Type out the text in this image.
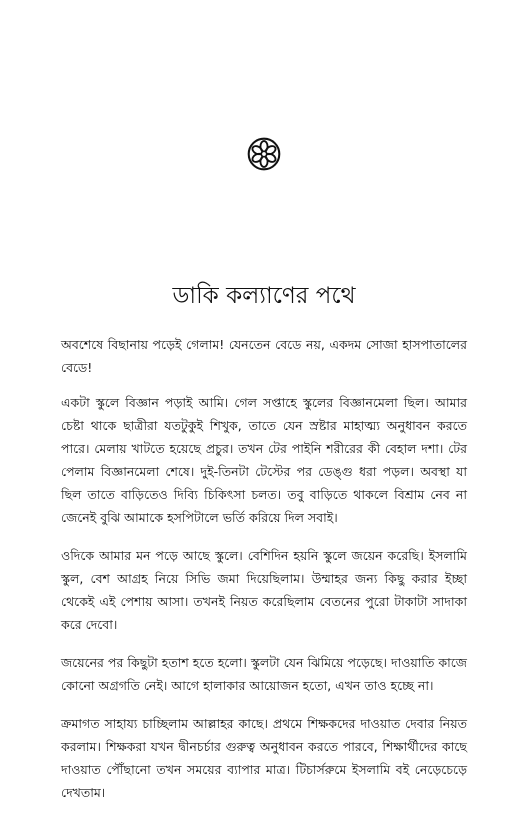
ডাকি কল্যাণের পথে

অবশেষে বিছানায় পড়েই গেলাম! যেনতেন বেডে নয়, একদম সোজা হাসপাতালের বেডে!

একটা স্কুলে বিজ্ঞান পড়াই আমি। গেল সপ্তাহে স্কুলের বিজ্ঞানমেলা ছিল। আমার চেষ্টা থাকে ছাত্রীরা যতটুকুই শিখুক, তাতে যেন স্রষ্টার মাহাত্ম্য অনুধাবন করতে পারে। মেলায় খাটতে হয়েছে প্রচুর। তখন টের পাইনি শরীরের কী বেহাল দশা। টের পেলাম বিজ্ঞানমেলা শেষে। দুই-তিনটা টেস্টের পর ডেঙ্গু ধরা পড়ল। অবস্থা যা ছিল তাতে বাড়িতেও দিব্যি চিকিৎসা চলত। তবু বাড়িতে থাকলে বিশ্রাম নেব না জেনেই বুঝি আমাকে হসপিটালে ভর্তি করিয়ে দিল সবাই।

ওদিকে আমার মন পড়ে আছে স্কুলে। বেশিদিন হয়নি স্কুলে জয়েন করেছি। ইসলামি স্কুল, বেশ আগ্রহ নিয়ে সিভি জমা দিয়েছিলাম। উম্মাহর জন্য কিছু করার ইচ্ছা থেকেই এই পেশায় আসা। তখনই নিয়ত করেছিলাম বেতনের পুরো টাকাটা সাদাকা করে দেবো।

জয়েনের পর কিছুটা হতাশ হতে হলো। স্কুলটা যেন ঝিমিয়ে পড়েছে। দাওয়াতি কাজে কোনো অগ্রগতি নেই। আগে হালাকার আয়োজন হতো, এখন তাও হচ্ছে না।

ক্রমাগত সাহায্য চাচ্ছিলাম আল্লাহর কাছে। প্রথমে শিক্ষকদের দাওয়াত দেবার নিয়ত করলাম। শিক্ষকরা যখন দ্বীনচর্চার গুরুত্ব অনুধাবন করতে পারবে, শিক্ষার্থীদের কাছে দাওয়াত পৌঁছানো তখন সময়ের ব্যাপার মাত্র। টিচার্সরুমে ইসলামি বই নেড়েচেড়ে দেখতাম।
